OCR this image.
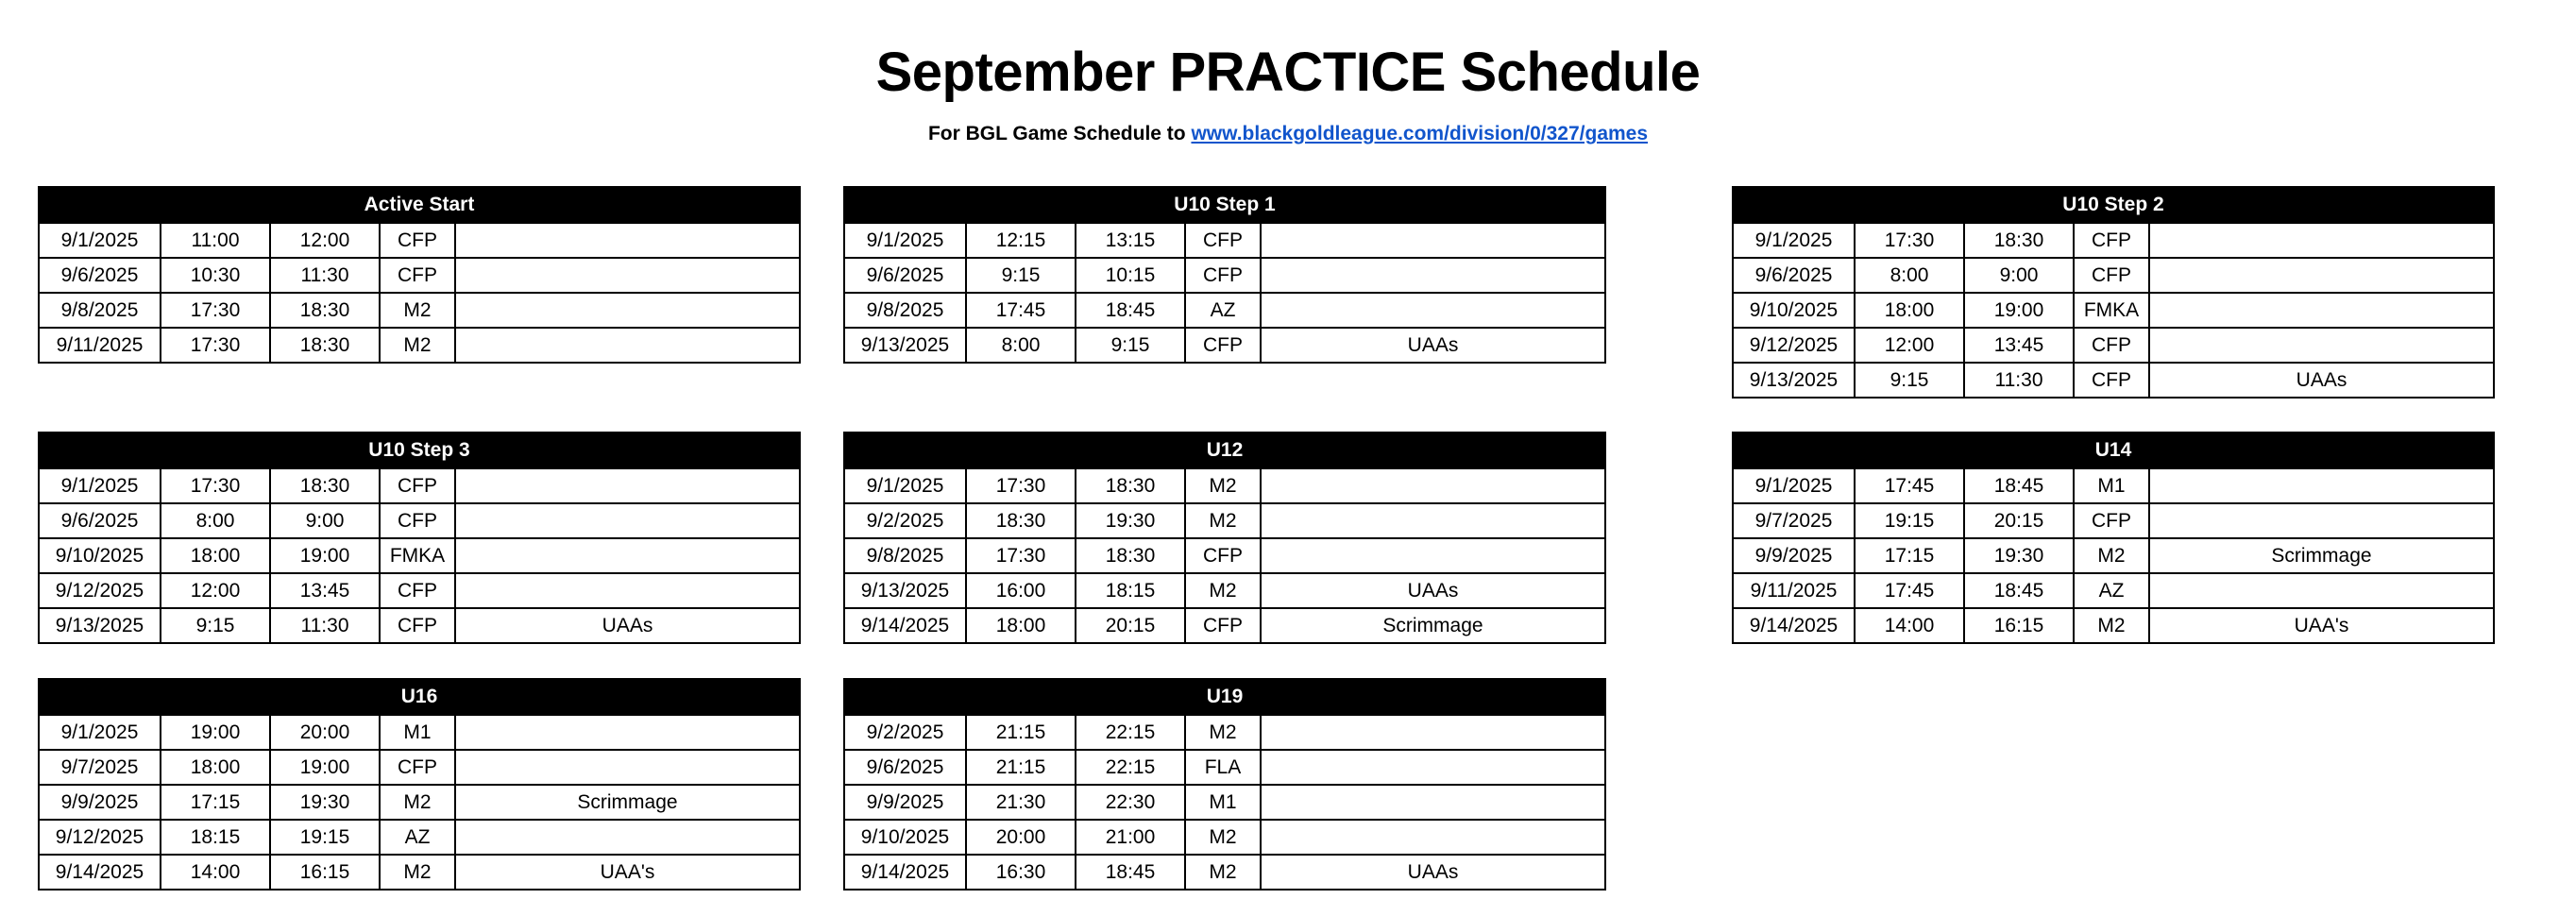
September PRACTICE Schedule
For BGL Game Schedule to www.blackgoldleague.com/division/0/327/games
Active Start				
9/1/2025	11:00	12:00	CFP	
9/6/2025	10:30	11:30	CFP	
9/8/2025	17:30	18:30	M2	
9/11/2025	17:30	18:30	M2	
U10 Step 1				
9/1/2025	12:15	13:15	CFP	
9/6/2025	9:15	10:15	CFP	
9/8/2025	17:45	18:45	AZ	
9/13/2025	8:00	9:15	CFP	UAAs
U10 Step 2				
9/1/2025	17:30	18:30	CFP	
9/6/2025	8:00	9:00	CFP	
9/10/2025	18:00	19:00	FMKA	
9/12/2025	12:00	13:45	CFP	
9/13/2025	9:15	11:30	CFP	UAAs
U10 Step 3				
9/1/2025	17:30	18:30	CFP	
9/6/2025	8:00	9:00	CFP	
9/10/2025	18:00	19:00	FMKA	
9/12/2025	12:00	13:45	CFP	
9/13/2025	9:15	11:30	CFP	UAAs
U12				
9/1/2025	17:30	18:30	M2	
9/2/2025	18:30	19:30	M2	
9/8/2025	17:30	18:30	CFP	
9/13/2025	16:00	18:15	M2	UAAs
9/14/2025	18:00	20:15	CFP	Scrimmage
U14				
9/1/2025	17:45	18:45	M1	
9/7/2025	19:15	20:15	CFP	
9/9/2025	17:15	19:30	M2	Scrimmage
9/11/2025	17:45	18:45	AZ	
9/14/2025	14:00	16:15	M2	UAA's
U16				
9/1/2025	19:00	20:00	M1	
9/7/2025	18:00	19:00	CFP	
9/9/2025	17:15	19:30	M2	Scrimmage
9/12/2025	18:15	19:15	AZ	
9/14/2025	14:00	16:15	M2	UAA's
U19				
9/2/2025	21:15	22:15	M2	
9/6/2025	21:15	22:15	FLA	
9/9/2025	21:30	22:30	M1	
9/10/2025	20:00	21:00	M2	
9/14/2025	16:30	18:45	M2	UAAs
